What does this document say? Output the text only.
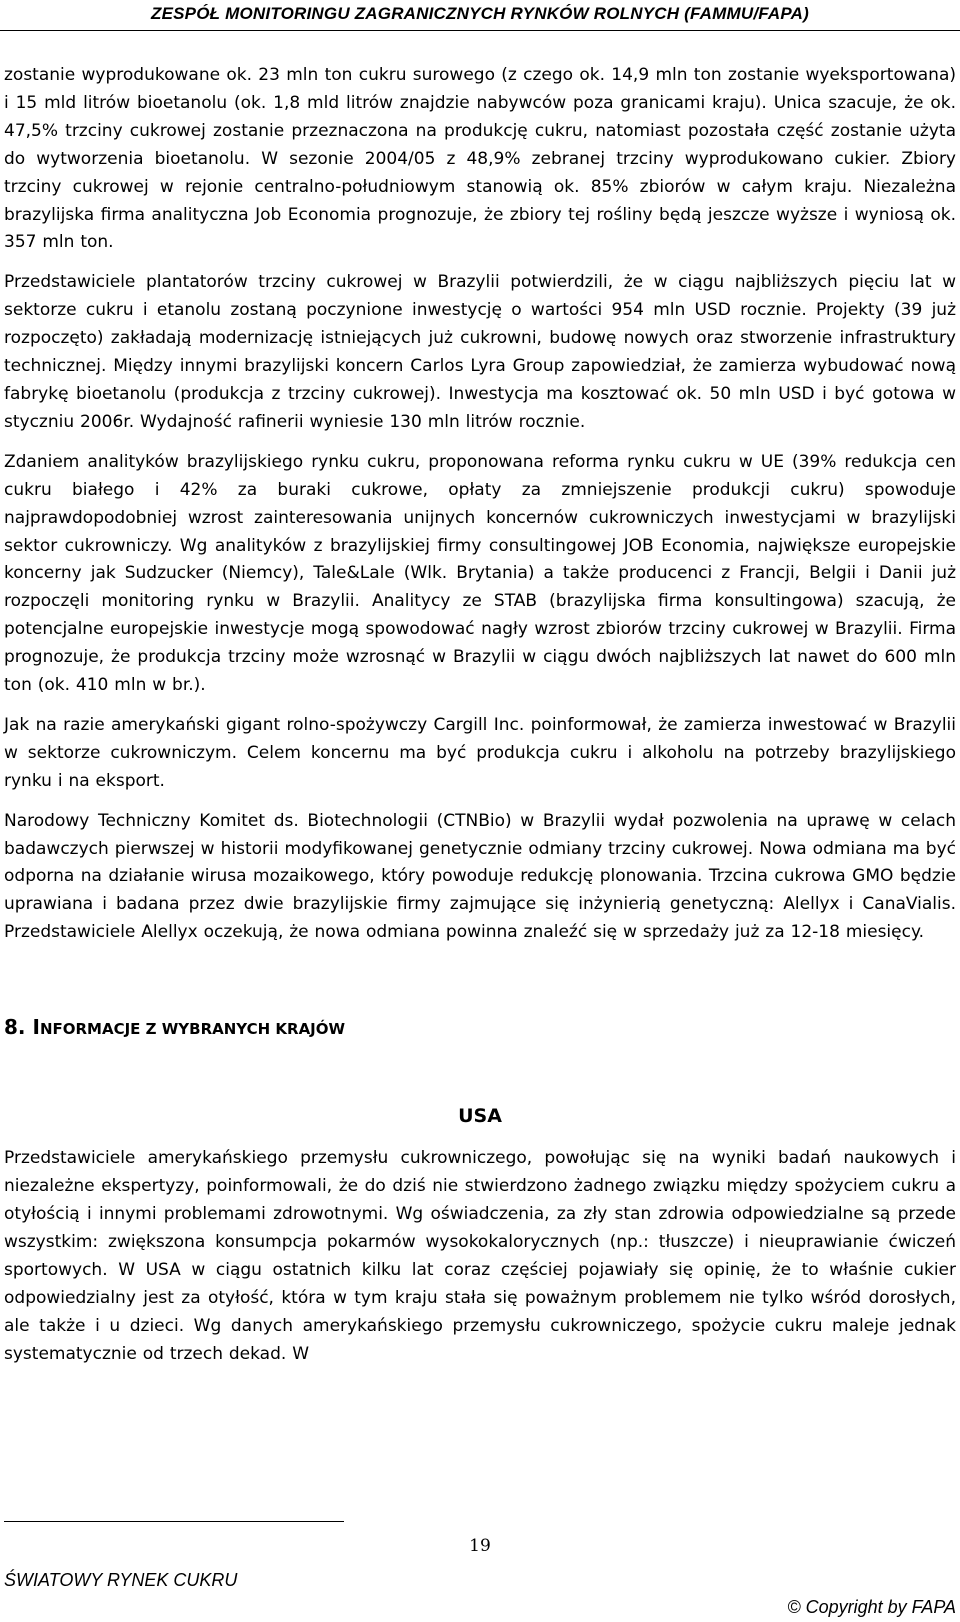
ZESPÓŁ MONITORINGU ZAGRANICZNYCH RYNKÓW ROLNYCH (FAMMU/FAPA)

zostanie wyprodukowane ok. 23 mln ton cukru surowego (z czego ok. 14,9 mln ton zostanie wyeksportowana) i 15 mld litrów bioetanolu (ok. 1,8 mld litrów znajdzie nabywców poza granicami kraju). Unica szacuje, że ok. 47,5% trzciny cukrowej zostanie przeznaczona na produkcję cukru, natomiast pozostała część zostanie użyta do wytworzenia bioetanolu. W sezonie 2004/05 z 48,9% zebranej trzciny wyprodukowano cukier. Zbiory trzciny cukrowej w rejonie centralno-południowym stanowią ok. 85% zbiorów w całym kraju. Niezależna brazylijska firma analityczna Job Economia prognozuje, że zbiory tej rośliny będą jeszcze wyższe i wyniosą ok. 357 mln ton.

Przedstawiciele plantatorów trzciny cukrowej w Brazylii potwierdzili, że w ciągu najbliższych pięciu lat w sektorze cukru i etanolu zostaną poczynione inwestycję o wartości 954 mln USD rocznie. Projekty (39 już rozpoczęto) zakładają modernizację istniejących już cukrowni, budowę nowych oraz stworzenie infrastruktury technicznej. Między innymi brazylijski koncern Carlos Lyra Group zapowiedział, że zamierza wybudować nową fabrykę bioetanolu (produkcja z trzciny cukrowej). Inwestycja ma kosztować ok. 50 mln USD i być gotowa w styczniu 2006r. Wydajność rafinerii wyniesie 130 mln litrów rocznie.

Zdaniem analityków brazylijskiego rynku cukru, proponowana reforma rynku cukru w UE (39% redukcja cen cukru białego i 42% za buraki cukrowe, opłaty za zmniejszenie produkcji cukru) spowoduje najprawdopodobniej wzrost zainteresowania unijnych koncernów cukrowniczych inwestycjami w brazylijski sektor cukrowniczy. Wg analityków z brazylijskiej firmy consultingowej JOB Economia, największe europejskie koncerny jak Sudzucker (Niemcy), Tale&Lale (Wlk. Brytania) a także producenci z Francji, Belgii i Danii już rozpoczęli monitoring rynku w Brazylii. Analitycy ze STAB (brazylijska firma konsultingowa) szacują, że potencjalne europejskie inwestycje mogą spowodować nagły wzrost zbiorów trzciny cukrowej w Brazylii. Firma prognozuje, że produkcja trzciny może wzrosnąć w Brazylii w ciągu dwóch najbliższych lat nawet do 600 mln ton (ok. 410 mln w br.).

Jak na razie amerykański gigant rolno-spożywczy Cargill Inc. poinformował, że zamierza inwestować w Brazylii w sektorze cukrowniczym. Celem koncernu ma być produkcja cukru i alkoholu na potrzeby brazylijskiego rynku i na eksport.

Narodowy Techniczny Komitet ds. Biotechnologii (CTNBio) w Brazylii wydał pozwolenia na uprawę w celach badawczych pierwszej w historii modyfikowanej genetycznie odmiany trzciny cukrowej. Nowa odmiana ma być odporna na działanie wirusa mozaikowego, który powoduje redukcję plonowania. Trzcina cukrowa GMO będzie uprawiana i badana przez dwie brazylijskie firmy zajmujące się inżynierią genetyczną: Alellyx i CanaVialis. Przedstawiciele Alellyx oczekują, że nowa odmiana powinna znaleźć się w sprzedaży już za 12-18 miesięcy.

8. INFORMACJE Z WYBRANYCH KRAJÓW
USA

Przedstawiciele amerykańskiego przemysłu cukrowniczego, powołując się na wyniki badań naukowych i niezależne ekspertyzy, poinformowali, że do dziś nie stwierdzono żadnego związku między spożyciem cukru a otyłością i innymi problemami zdrowotnymi. Wg oświadczenia, za zły stan zdrowia odpowiedzialne są przede wszystkim: zwiększona konsumpcja pokarmów wysokokalorycznych (np.: tłuszcze) i nieuprawianie ćwiczeń sportowych. W USA w ciągu ostatnich kilku lat coraz częściej pojawiały się opinię, że to właśnie cukier odpowiedzialny jest za otyłość, która w tym kraju stała się poważnym problemem nie tylko wśród dorosłych, ale także i u dzieci. Wg danych amerykańskiego przemysłu cukrowniczego, spożycie cukru maleje jednak systematycznie od trzech dekad. W

19
ŚWIATOWY RYNEK CUKRU
© Copyright by FAPA
